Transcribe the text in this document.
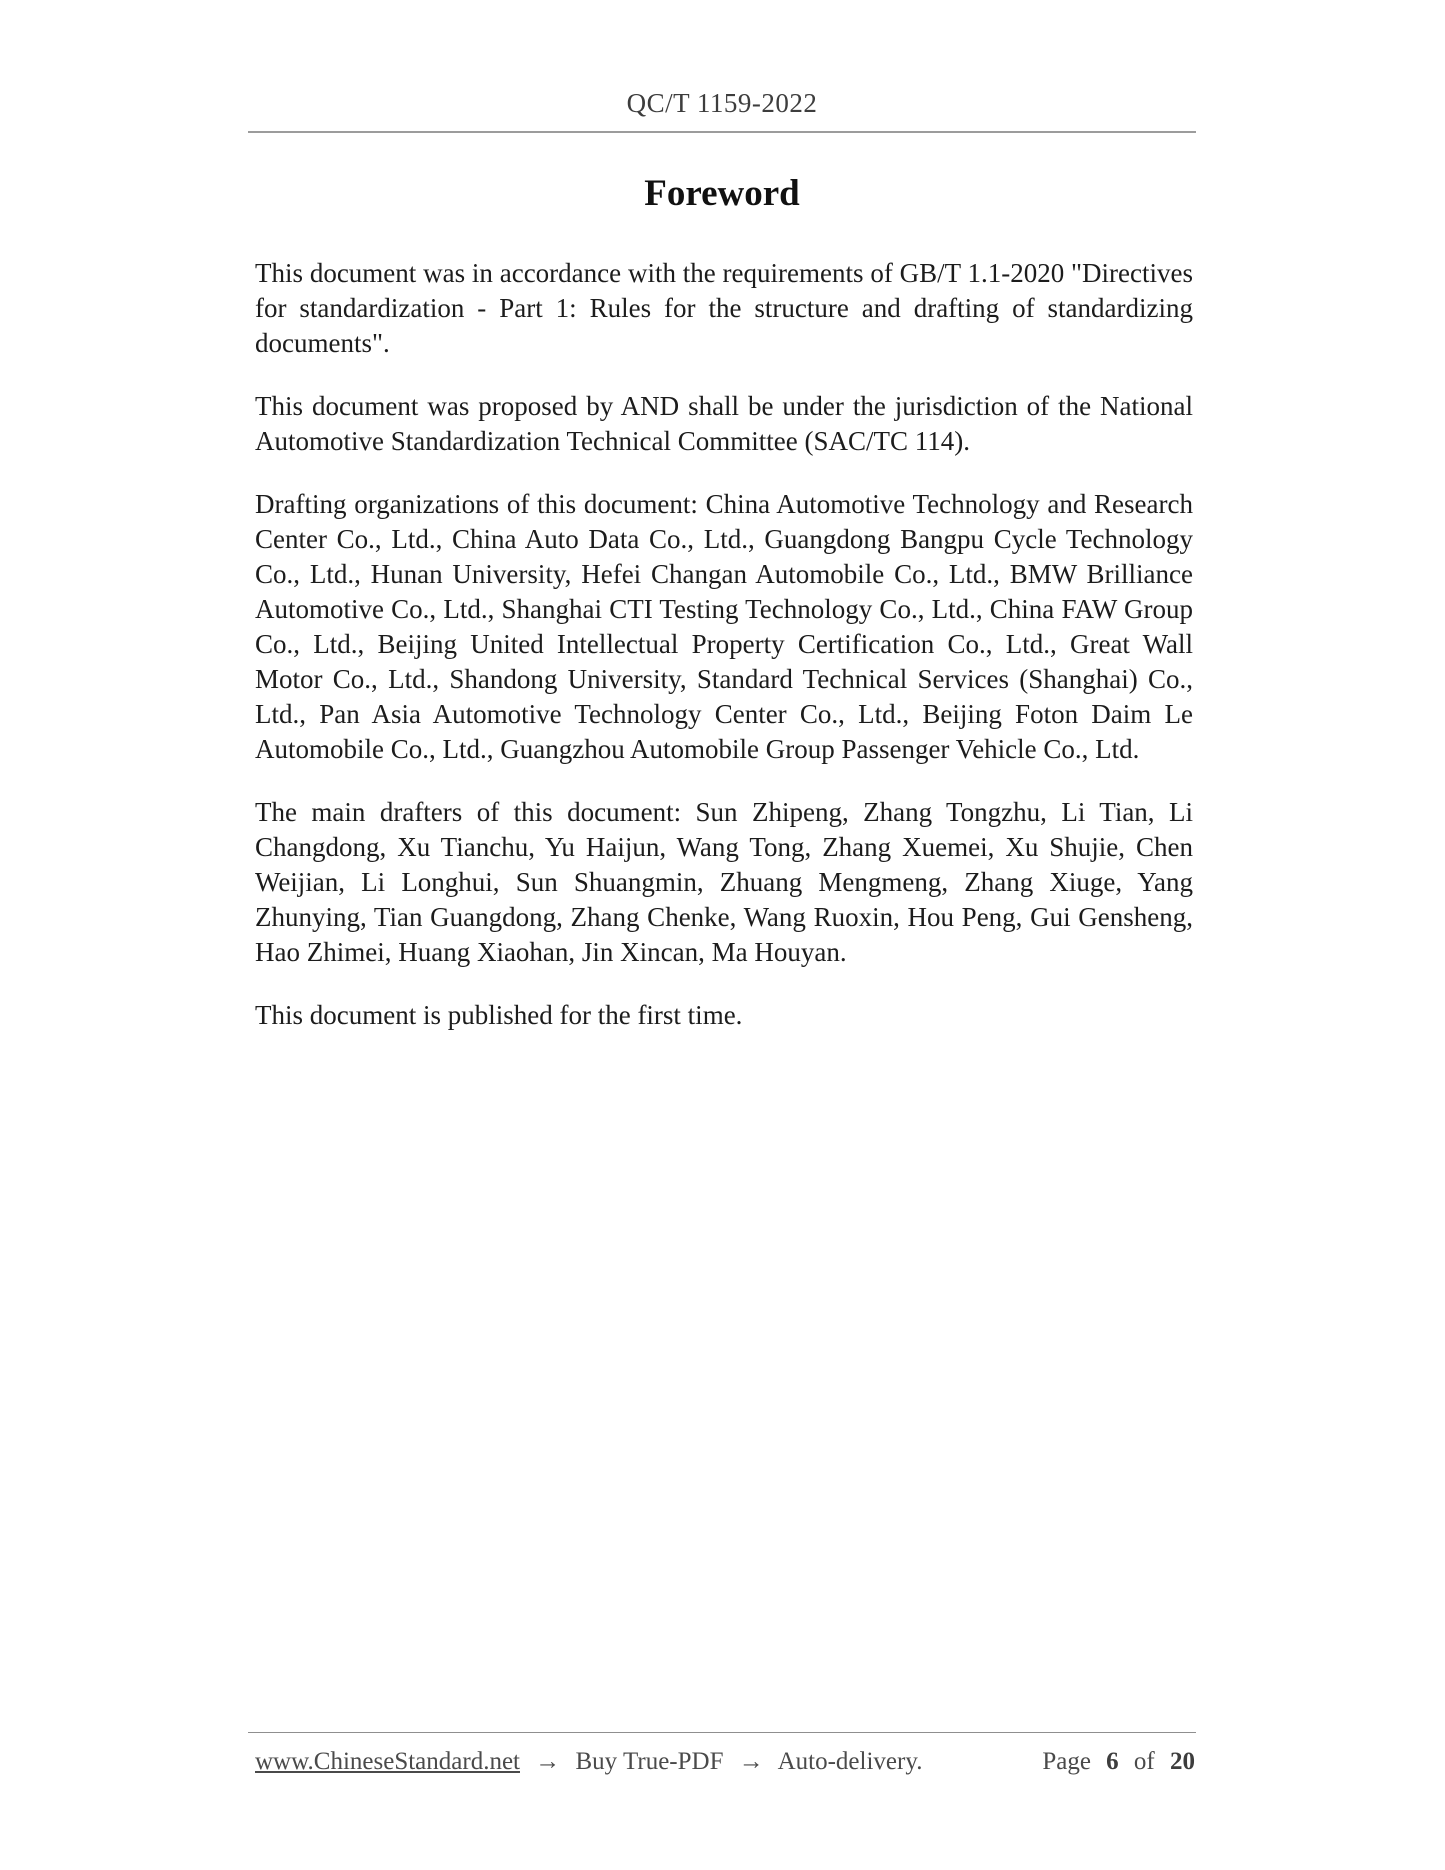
QC/T 1159-2022
Foreword

This document was in accordance with the requirements of GB/T 1.1-2020 "Directives for standardization - Part 1: Rules for the structure and drafting of standardizing documents".

This document was proposed by AND shall be under the jurisdiction of the National Automotive Standardization Technical Committee (SAC/TC 114).

Drafting organizations of this document: China Automotive Technology and Research Center Co., Ltd., China Auto Data Co., Ltd., Guangdong Bangpu Cycle Technology Co., Ltd., Hunan University, Hefei Changan Automobile Co., Ltd., BMW Brilliance Automotive Co., Ltd., Shanghai CTI Testing Technology Co., Ltd., China FAW Group Co., Ltd., Beijing United Intellectual Property Certification Co., Ltd., Great Wall Motor Co., Ltd., Shandong University, Standard Technical Services (Shanghai) Co., Ltd., Pan Asia Automotive Technology Center Co., Ltd., Beijing Foton Daim Le Automobile Co., Ltd., Guangzhou Automobile Group Passenger Vehicle Co., Ltd.

The main drafters of this document: Sun Zhipeng, Zhang Tongzhu, Li Tian, Li Changdong, Xu Tianchu, Yu Haijun, Wang Tong, Zhang Xuemei, Xu Shujie, Chen Weijian, Li Longhui, Sun Shuangmin, Zhuang Mengmeng, Zhang Xiuge, Yang Zhunying, Tian Guangdong, Zhang Chenke, Wang Ruoxin, Hou Peng, Gui Gensheng, Hao Zhimei, Huang Xiaohan, Jin Xincan, Ma Houyan.

This document is published for the first time.

www.ChineseStandard.net → Buy True-PDF → Auto-delivery.	Page 6 of 20
